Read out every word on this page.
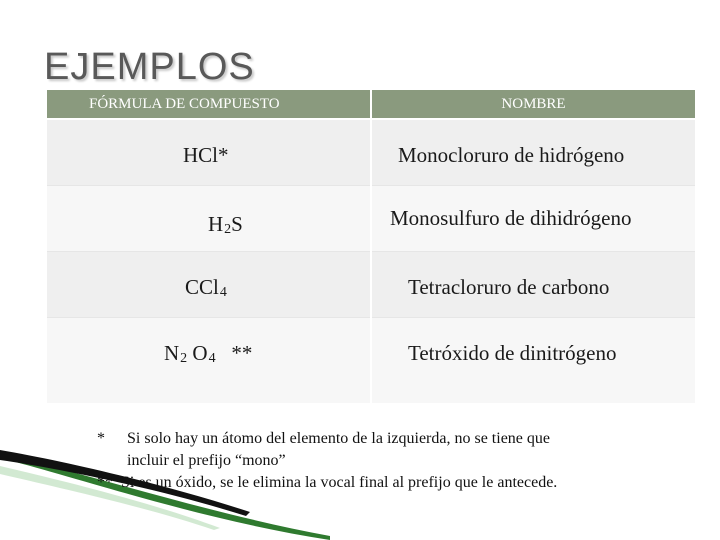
EJEMPLOS
FÓRMULA DE COMPUESTO	NOMBRE

HCl*	Monocloruro de hidrógeno

H 2 S	Monosulfuro de dihidrógeno

CCl 4	Tetracloruro de carbono

N 2 O 4 **	Tetróxido de dinitrógeno
* Si solo hay un átomo del elemento de la izquierda, no se tiene que
incluir el prefijo “mono”
** Si es un óxido, se le elimina la vocal final al prefijo que le antecede.
